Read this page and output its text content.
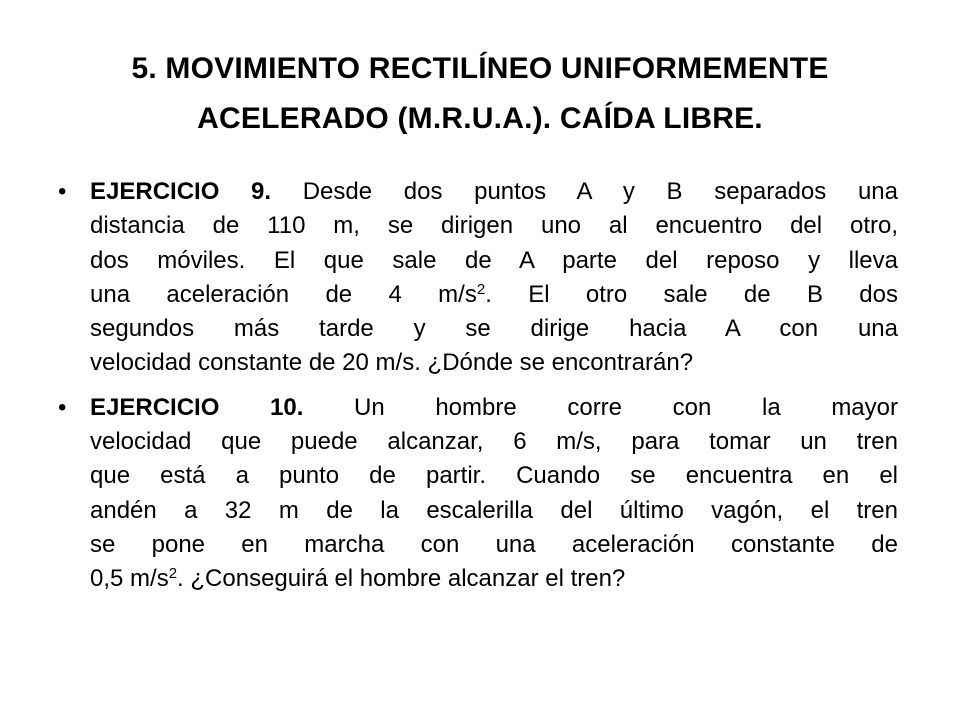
5. MOVIMIENTO RECTILÍNEO UNIFORMEMENTE
ACELERADO (M.R.U.A.). CAÍDA LIBRE.
• EJERCICIO 9. Desde dos puntos A y B separados una
distancia de 110 m, se dirigen uno al encuentro del otro,
dos móviles. El que sale de A parte del reposo y lleva
una aceleración de 4 $m/s^2$. El otro sale de B dos
segundos más tarde y se dirige hacia A con una
velocidad constante de 20 m/s. ¿Dónde se encontrarán?
• EJERCICIO 10. Un hombre corre con la mayor
velocidad que puede alcanzar, 6 m/s, para tomar un tren
que está a punto de partir. Cuando se encuentra en el
andén a 32 m de la escalerilla del último vagón, el tren
se pone en marcha con una aceleración constante de
0,5 $m/s^2$. ¿Conseguirá el hombre alcanzar el tren?
